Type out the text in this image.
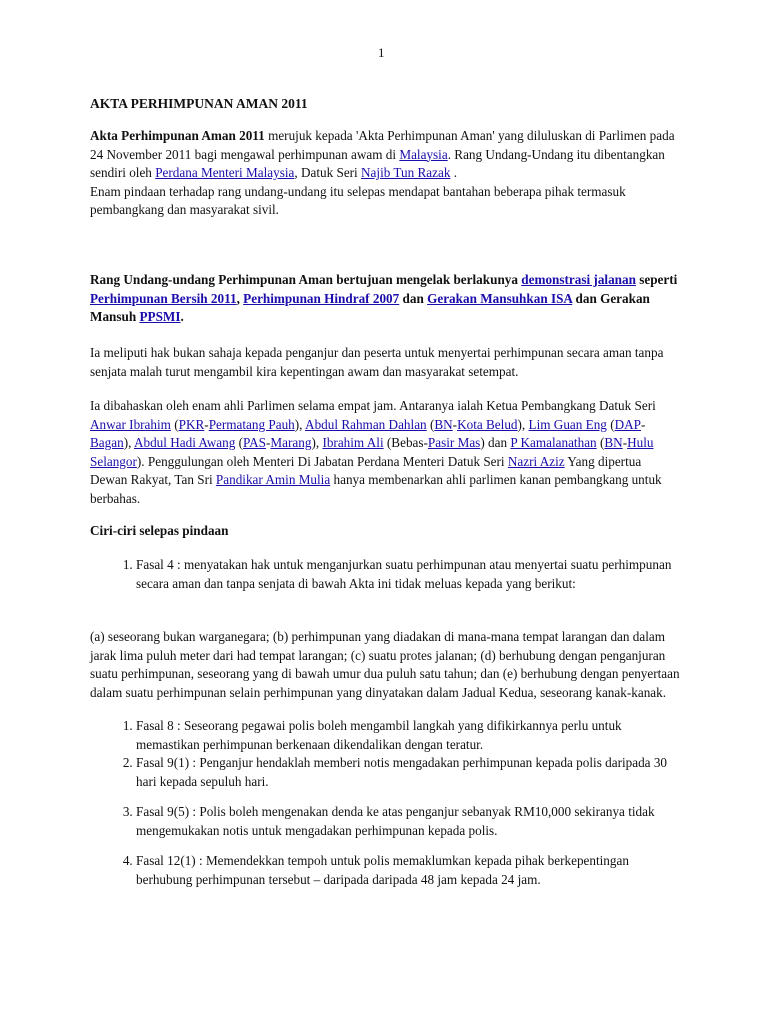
1
AKTA PERHIMPUNAN AMAN 2011
Akta Perhimpunan Aman 2011 merujuk kepada 'Akta Perhimpunan Aman' yang diluluskan di Parlimen pada 24 November 2011 bagi mengawal perhimpunan awam di Malaysia. Rang Undang-Undang itu dibentangkan sendiri oleh Perdana Menteri Malaysia, Datuk Seri Najib Tun Razak .
Enam pindaan terhadap rang undang-undang itu selepas mendapat bantahan beberapa pihak termasuk pembangkang dan masyarakat sivil.
Rang Undang-undang Perhimpunan Aman bertujuan mengelak berlakunya demonstrasi jalanan seperti Perhimpunan Bersih 2011, Perhimpunan Hindraf 2007 dan Gerakan Mansuhkan ISA dan Gerakan Mansuh PPSMI.
Ia meliputi hak bukan sahaja kepada penganjur dan peserta untuk menyertai perhimpunan secara aman tanpa senjata malah turut mengambil kira kepentingan awam dan masyarakat setempat.
Ia dibahaskan oleh enam ahli Parlimen selama empat jam. Antaranya ialah Ketua Pembangkang Datuk Seri Anwar Ibrahim (PKR-Permatang Pauh), Abdul Rahman Dahlan (BN-Kota Belud), Lim Guan Eng (DAP-Bagan), Abdul Hadi Awang (PAS-Marang), Ibrahim Ali (Bebas-Pasir Mas) dan P Kamalanathan (BN-Hulu Selangor). Penggulungan oleh Menteri Di Jabatan Perdana Menteri Datuk Seri Nazri Aziz Yang dipertua Dewan Rakyat, Tan Sri Pandikar Amin Mulia hanya membenarkan ahli parlimen kanan pembangkang untuk berbahas.
Ciri-ciri selepas pindaan
1. Fasal 4 : menyatakan hak untuk menganjurkan suatu perhimpunan atau menyertai suatu perhimpunan secara aman dan tanpa senjata di bawah Akta ini tidak meluas kepada yang berikut:
(a) seseorang bukan warganegara; (b) perhimpunan yang diadakan di mana-mana tempat larangan dan dalam jarak lima puluh meter dari had tempat larangan; (c) suatu protes jalanan; (d) berhubung dengan penganjuran suatu perhimpunan, seseorang yang di bawah umur dua puluh satu tahun; dan (e) berhubung dengan penyertaan dalam suatu perhimpunan selain perhimpunan yang dinyatakan dalam Jadual Kedua, seseorang kanak-kanak.
1. Fasal 8 : Seseorang pegawai polis boleh mengambil langkah yang difikirkannya perlu untuk memastikan perhimpunan berkenaan dikendalikan dengan teratur.
2. Fasal 9(1) : Penganjur hendaklah memberi notis mengadakan perhimpunan kepada polis daripada 30 hari kepada sepuluh hari.
3. Fasal 9(5) : Polis boleh mengenakan denda ke atas penganjur sebanyak RM10,000 sekiranya tidak mengemukakan notis untuk mengadakan perhimpunan kepada polis.
4. Fasal 12(1) : Memendekkan tempoh untuk polis memaklumkan kepada pihak berkepentingan berhubung perhimpunan tersebut – daripada daripada 48 jam kepada 24 jam.
